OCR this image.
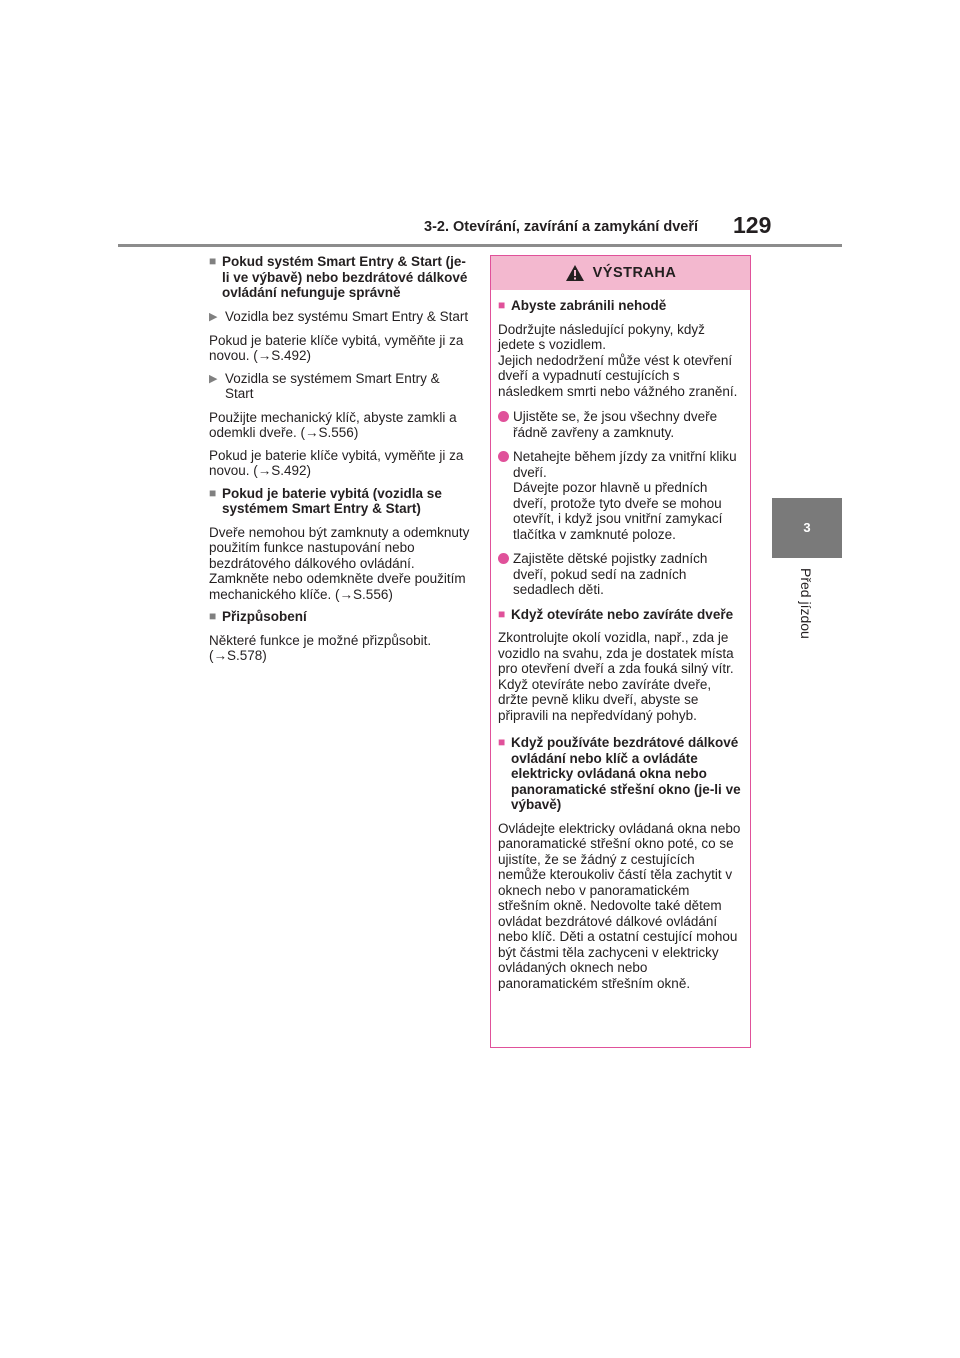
3-2. Otevírání, zavírání a zamykání dveří 129
3
Před jízdou
■ Pokud systém Smart Entry & Start (je-li ve výbavě) nebo bezdrátové dálkové ovládání nefunguje správně
▶ Vozidla bez systému Smart Entry & Start
Pokud je baterie klíče vybitá, vyměňte ji za novou. (→S.492)
▶ Vozidla se systémem Smart Entry & Start
Použijte mechanický klíč, abyste zamkli a odemkli dveře. (→S.556)
Pokud je baterie klíče vybitá, vyměňte ji za novou. (→S.492)
■ Pokud je baterie vybitá (vozidla se systémem Smart Entry & Start)
Dveře nemohou být zamknuty a odemknuty použitím funkce nastupování nebo bezdrátového dálkového ovládání. Zamkněte nebo odemkněte dveře použitím mechanického klíče. (→S.556)
■ Přizpůsobení
Některé funkce je možné přizpůsobit. (→S.578)
VÝSTRAHA
■ Abyste zabránili nehodě
Dodržujte následující pokyny, když jedete s vozidlem.
Jejich nedodržení může vést k otevření dveří a vypadnutí cestujících s následkem smrti nebo vážného zranění.
Ujistěte se, že jsou všechny dveře řádně zavřeny a zamknuty.
Netahejte během jízdy za vnitřní kliku dveří.
Dávejte pozor hlavně u předních dveří, protože tyto dveře se mohou otevřít, i když jsou vnitřní zamykací tlačítka v zamknuté poloze.
Zajistěte dětské pojistky zadních dveří, pokud sedí na zadních sedadlech děti.
■ Když otevíráte nebo zavíráte dveře
Zkontrolujte okolí vozidla, např., zda je vozidlo na svahu, zda je dostatek místa pro otevření dveří a zda fouká silný vítr. Když otevíráte nebo zavíráte dveře, držte pevně kliku dveří, abyste se připravili na nepředvídaný pohyb.
■ Když používáte bezdrátové dálkové ovládání nebo klíč a ovládáte elektricky ovládaná okna nebo panoramatické střešní okno (je-li ve výbavě)
Ovládejte elektricky ovládaná okna nebo panoramatické střešní okno poté, co se ujistíte, že se žádný z cestujících nemůže kteroukoliv částí těla zachytit v oknech nebo v panoramatickém střešním okně. Nedovolte také dětem ovládat bezdrátové dálkové ovládání nebo klíč. Děti a ostatní cestující mohou být částmi těla zachyceni v elektricky ovládaných oknech nebo panoramatickém střešním okně.
